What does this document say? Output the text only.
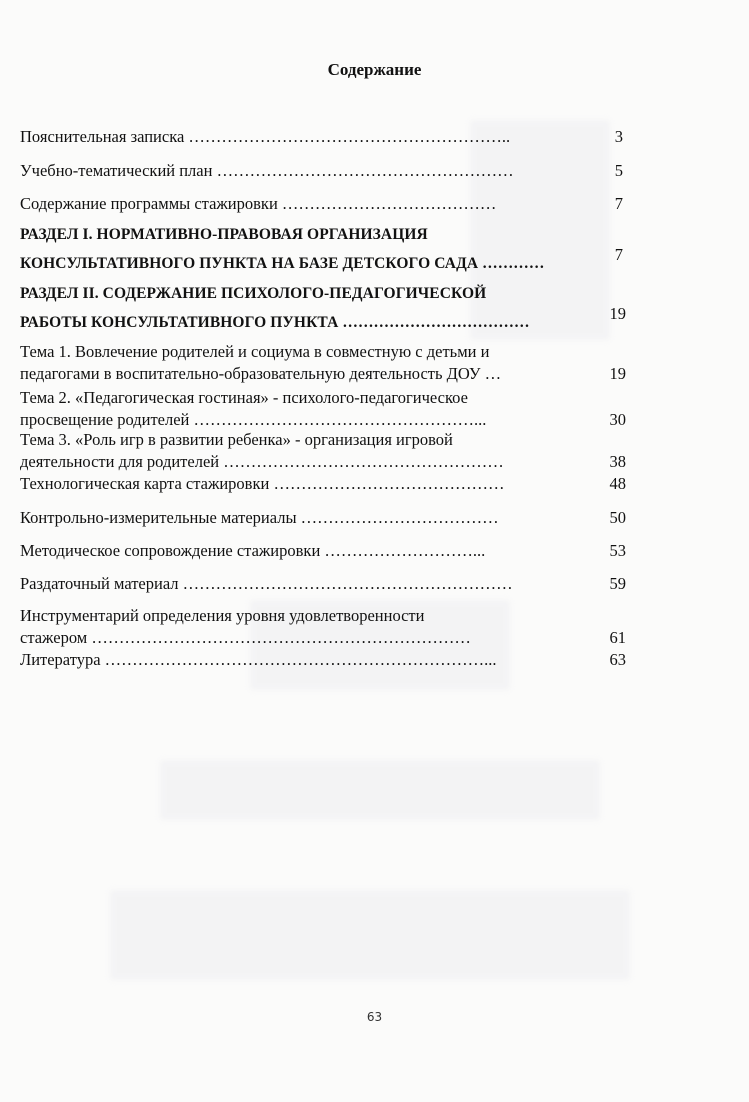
Содержание
Пояснительная записка …………………………………………………..	3
Учебно-тематический план ………………………………………………	5
Содержание программы стажировки …………………………………	7
РАЗДЕЛ I. НОРМАТИВНО-ПРАВОВАЯ ОРГАНИЗАЦИЯ
КОНСУЛЬТАТИВНОГО ПУНКТА НА БАЗЕ ДЕТСКОГО САДА …………	7
РАЗДЕЛ II. СОДЕРЖАНИЕ ПСИХОЛОГО-ПЕДАГОГИЧЕСКОЙ
РАБОТЫ КОНСУЛЬТАТИВНОГО ПУНКТА ………………………………	19
Тема 1. Вовлечение родителей и социума в совместную с детьми и
педагогами в воспитательно-образовательную деятельность ДОУ …	19
Тема 2. «Педагогическая гостиная» - психолого-педагогическое
просвещение родителей ……………………………………………...	30
Тема 3. «Роль игр в развитии ребенка» - организация игровой
деятельности для родителей ……………………………………………	38
Технологическая карта стажировки ……………………………………	48
Контрольно-измерительные материалы ………………………………	50
Методическое сопровождение стажировки ………………………...	53
Раздаточный материал ……………………………………………………	59
Инструментарий определения уровня удовлетворенности
стажером ……………………………………………………………	61
Литература ……………………………………………………………...	63
63
